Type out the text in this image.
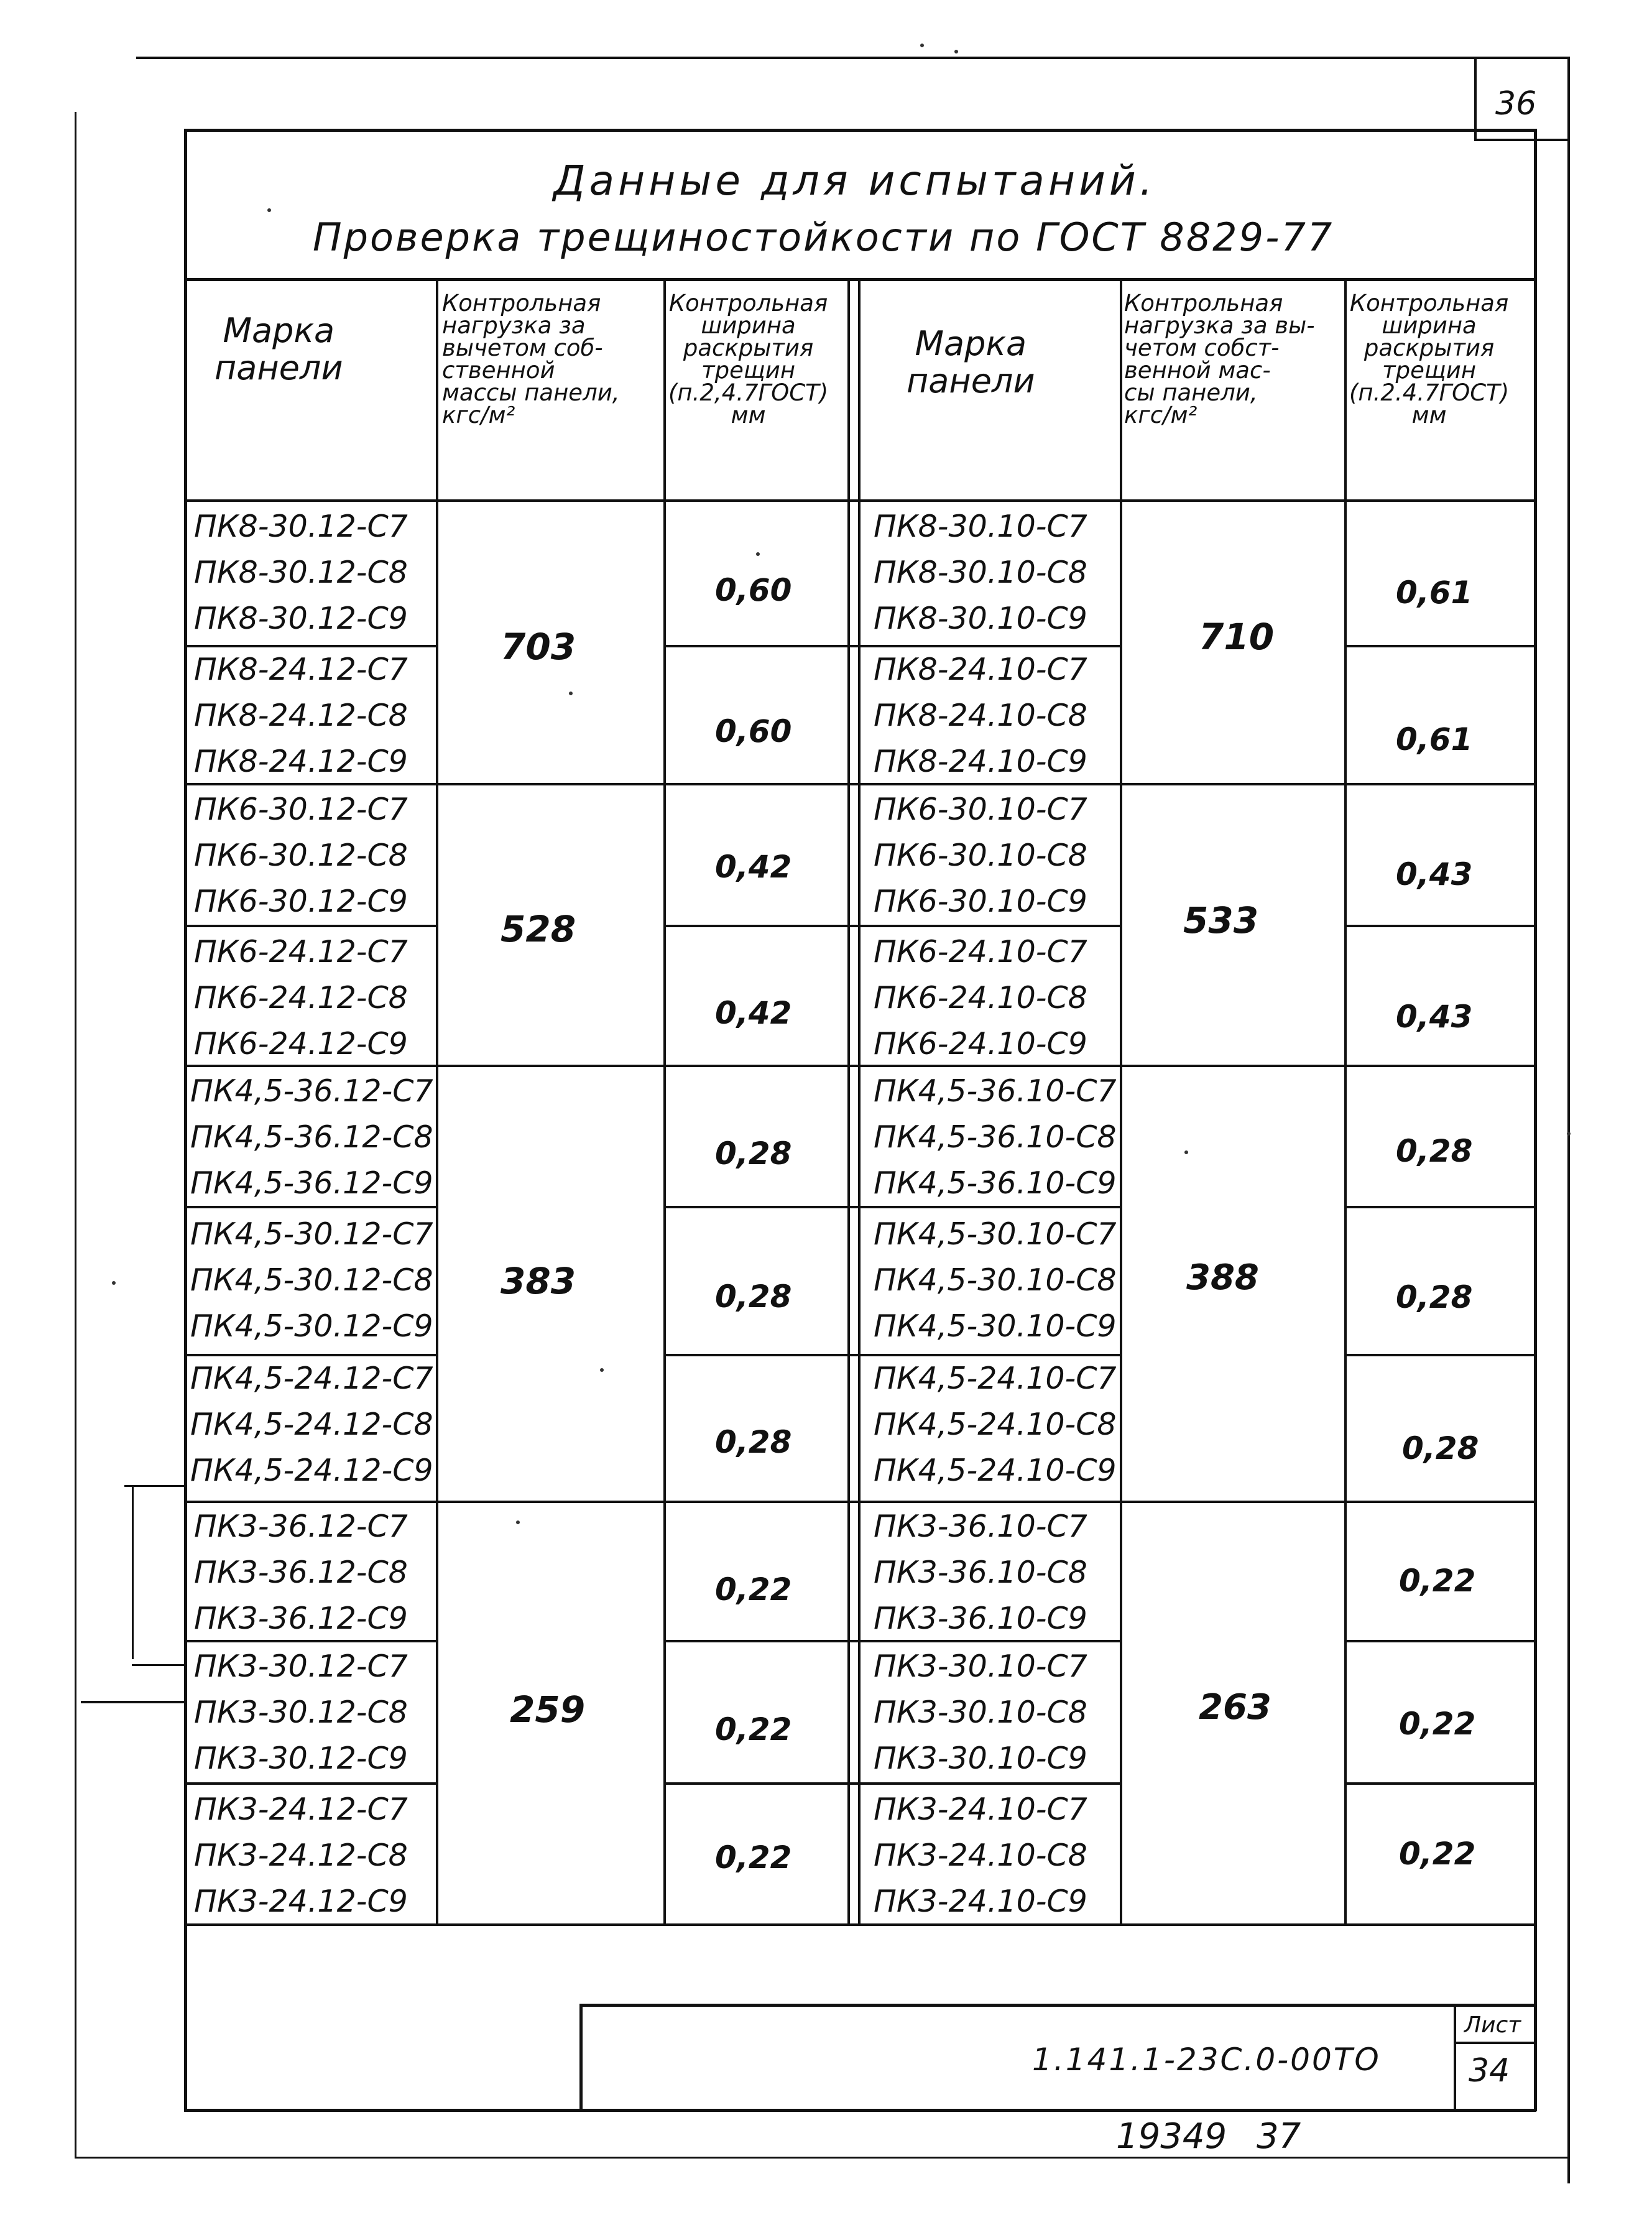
36
Данные для испытаний.
Проверка трещиностойкости по ГОСТ 8829-77
Марка
панели
Контрольная
нагрузка за
вычетом соб-
ственной
массы панели,
кгс/м²
Контрольная
ширина
раскрытия
трещин
(п.2,4.7ГОСТ)
мм
Марка
панели
Контрольная
нагрузка за вы-
четом собст-
венной мас-
сы панели,
кгс/м²
Контрольная
ширина
раскрытия
трещин
(п.2.4.7ГОСТ)
мм
ПК8-30.12-С7
ПК8-30.12-С8
ПК8-30.12-С9
ПК8-24.12-С7
ПК8-24.12-С8
ПК8-24.12-С9
ПК6-30.12-С7
ПК6-30.12-С8
ПК6-30.12-С9
ПК6-24.12-С7
ПК6-24.12-С8
ПК6-24.12-С9
ПК4,5-36.12-С7
ПК4,5-36.12-С8
ПК4,5-36.12-С9
ПК4,5-30.12-С7
ПК4,5-30.12-С8
ПК4,5-30.12-С9
ПК4,5-24.12-С7
ПК4,5-24.12-С8
ПК4,5-24.12-С9
ПК3-36.12-С7
ПК3-36.12-С8
ПК3-36.12-С9
ПК3-30.12-С7
ПК3-30.12-С8
ПК3-30.12-С9
ПК3-24.12-С7
ПК3-24.12-С8
ПК3-24.12-С9
703
528
383
259
0,60
0,60
0,42
0,42
0,28
0,28
0,28
0,22
0,22
0,22
ПК8-30.10-С7
ПК8-30.10-С8
ПК8-30.10-С9
ПК8-24.10-С7
ПК8-24.10-С8
ПК8-24.10-С9
ПК6-30.10-С7
ПК6-30.10-С8
ПК6-30.10-С9
ПК6-24.10-С7
ПК6-24.10-С8
ПК6-24.10-С9
ПК4,5-36.10-С7
ПК4,5-36.10-С8
ПК4,5-36.10-С9
ПК4,5-30.10-С7
ПК4,5-30.10-С8
ПК4,5-30.10-С9
ПК4,5-24.10-С7
ПК4,5-24.10-С8
ПК4,5-24.10-С9
ПК3-36.10-С7
ПК3-36.10-С8
ПК3-36.10-С9
ПК3-30.10-С7
ПК3-30.10-С8
ПК3-30.10-С9
ПК3-24.10-С7
ПК3-24.10-С8
ПК3-24.10-С9
710
533
388
263
0,61
0,61
0,43
0,43
0,28
0,28
0,28
0,22
0,22
0,22
Лист
34
1.141.1-23С.0-00ТО
19349 37
